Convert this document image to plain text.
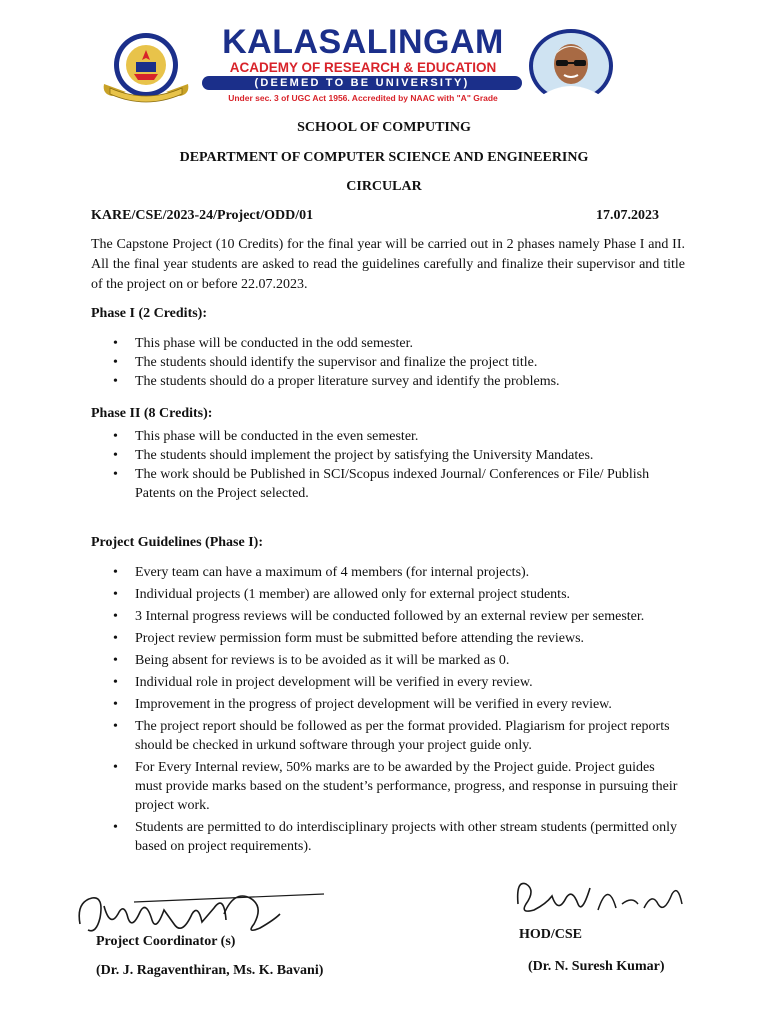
KALASALINGAM
ACADEMY OF RESEARCH & EDUCATION
(DEEMED TO BE UNIVERSITY)
Under sec. 3 of UGC Act 1956. Accredited by NAAC with "A" Grade
SCHOOL OF COMPUTING
DEPARTMENT OF COMPUTER SCIENCE AND ENGINEERING
CIRCULAR
KARE/CSE/2023-24/Project/ODD/01	17.07.2023
The Capstone Project (10 Credits) for the final year will be carried out in 2 phases namely Phase I and II. All the final year students are asked to read the guidelines carefully and finalize their supervisor and title of the project on or before 22.07.2023.
Phase I (2 Credits):
• This phase will be conducted in the odd semester.
• The students should identify the supervisor and finalize the project title.
• The students should do a proper literature survey and identify the problems.
Phase II (8 Credits):
• This phase will be conducted in the even semester.
• The students should implement the project by satisfying the University Mandates.
• The work should be Published in SCI/Scopus indexed Journal/ Conferences or File/ Publish Patents on the Project selected.
Project Guidelines (Phase I):
• Every team can have a maximum of 4 members (for internal projects).
• Individual projects (1 member) are allowed only for external project students.
• 3 Internal progress reviews will be conducted followed by an external review per semester.
• Project review permission form must be submitted before attending the reviews.
• Being absent for reviews is to be avoided as it will be marked as 0.
• Individual role in project development will be verified in every review.
• Improvement in the progress of project development will be verified in every review.
• The project report should be followed as per the format provided. Plagiarism for project reports should be checked in urkund software through your project guide only.
• For Every Internal review, 50% marks are to be awarded by the Project guide. Project guides must provide marks based on the student’s performance, progress, and response in pursuing their project work.
• Students are permitted to do interdisciplinary projects with other stream students (permitted only based on project requirements).
Project Coordinator (s)
(Dr. J. Ragaventhiran, Ms. K. Bavani)
HOD/CSE
(Dr. N. Suresh Kumar)
